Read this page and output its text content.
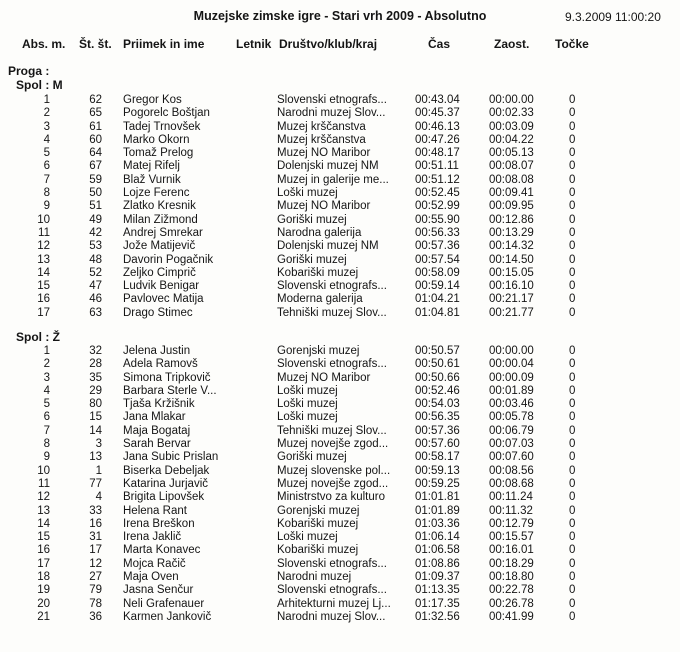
Muzejske zimske igre - Stari vrh 2009 - Absolutno	9.3.2009 11:00:20
Abs. m. Št. št. Priimek in ime	Letnik Društvo/klub/kraj	Čas	Zaost. Točke
Proga :
Spol : M
1	62 Gregor Kos	Slovenski etnografs...	00:43.04	00:00.00	0
2	65 Pogorelc Boštjan	Narodni muzej Slov...	00:45.37	00:02.33	0
3	61 Tadej Trnovšek	Muzej krščanstva	00:46.13	00:03.09	0
4	60 Marko Okorn	Muzej krščanstva	00:47.26	00:04.22	0
5	64 Tomaž Prelog	Muzej NO Maribor	00:48.17	00:05.13	0
6	67 Matej Rifelj	Dolenjski muzej NM	00:51.11	00:08.07	0
7	59 Blaž Vurnik	Muzej in galerije me...	00:51.12	00:08.08	0
8	50 Lojze Ferenc	Loški muzej	00:52.45	00:09.41	0
9	51 Zlatko Kresnik	Muzej NO Maribor	00:52.99	00:09.95	0
10	49 Milan Žižmond	Goriški muzej	00:55.90	00:12.86	0
11	42 Andrej Smrekar	Narodna galerija	00:56.33	00:13.29	0
12	53 Jože Matijevič	Dolenjski muzej NM	00:57.36	00:14.32	0
13	48 Davorin Pogačnik	Goriški muzej	00:57.54	00:14.50	0
14	52 Željko Cimprič	Kobariški muzej	00:58.09	00:15.05	0
15	47 Ludvik Benigar	Slovenski etnografs...	00:59.14	00:16.10	0
16	46 Pavlovec Matija	Moderna galerija	01:04.21	00:21.17	0
17	63 Drago Štimec	Tehniški muzej Slov...	01:04.81	00:21.77	0
Spol : Ž
1	32 Jelena Justin	Gorenjski muzej	00:50.57	00:00.00	0
2	28 Adela Ramovš	Slovenski etnografs...	00:50.61	00:00.04	0
3	35 Simona Tripkovič	Muzej NO Maribor	00:50.66	00:00.09	0
4	29 Barbara Sterle V...	Loški muzej	00:52.46	00:01.89	0
5	80 Tjaša Kržišnik	Loški muzej	00:54.03	00:03.46	0
6	15 Jana Mlakar	Loški muzej	00:56.35	00:05.78	0
7	14 Maja Bogataj	Tehniški muzej Slov...	00:57.36	00:06.79	0
8	3 Sarah Bervar	Muzej novejše zgod...	00:57.60	00:07.03	0
9	13 Jana Šubic Prislan	Goriški muzej	00:58.17	00:07.60	0
10	1 Biserka Debeljak	Muzej slovenske pol...	00:59.13	00:08.56	0
11	77 Katarina Jurjavič	Muzej novejše zgod...	00:59.25	00:08.68	0
12	4 Brigita Lipovšek	Ministrstvo za kulturo	01:01.81	00:11.24	0
13	33 Helena Rant	Gorenjski muzej	01:01.89	00:11.32	0
14	16 Irena Breškon	Kobariški muzej	01:03.36	00:12.79	0
15	31 Irena Jaklič	Loški muzej	01:06.14	00:15.57	0
16	17 Marta Konavec	Kobariški muzej	01:06.58	00:16.01	0
17	12 Mojca Račič	Slovenski etnografs...	01:08.86	00:18.29	0
18	27 Maja Oven	Narodni muzej	01:09.37	00:18.80	0
19	79 Jasna Senčur	Slovenski etnografs...	01:13.35	00:22.78	0
20	78 Neli Grafenauer	Arhitekturni muzej Lj...	01:17.35	00:26.78	0
21	36 Karmen Jankovič	Narodni muzej Slov...	01:32.56	00:41.99	0
